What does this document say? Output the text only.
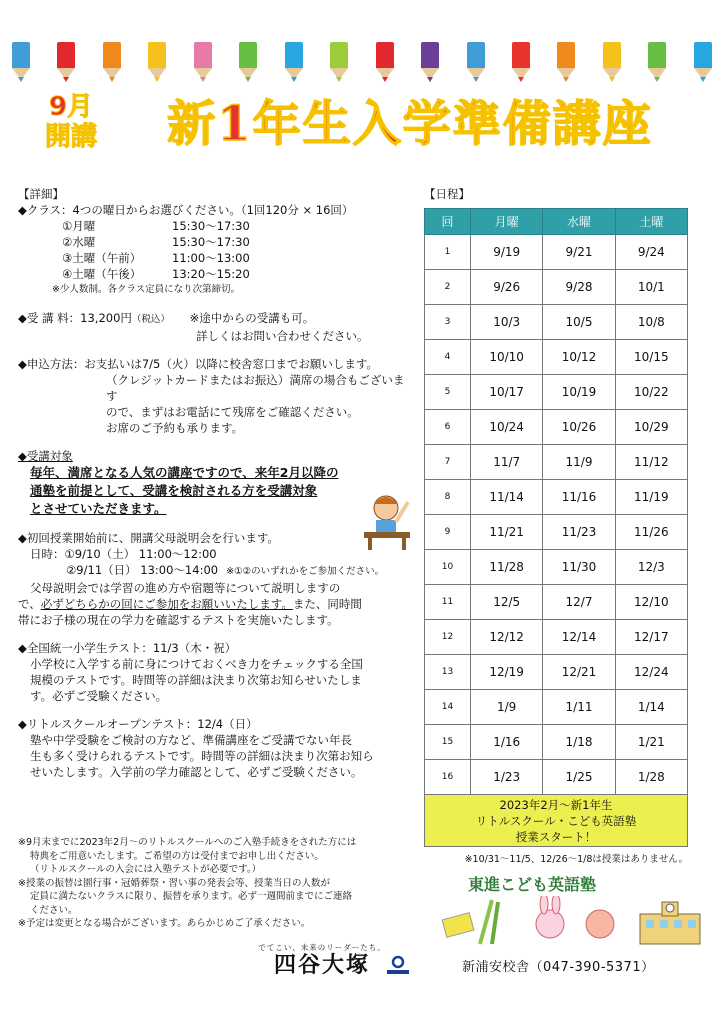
9月
開講	新1年生入学準備講座
【詳細】
◆クラス：4つの曜日からお選びください。（1回120分 × 16回）
①月曜	15:30～17:30
②水曜	15:30～17:30
③土曜（午前）	11:00～13:00
④土曜（午後）	13:20～15:20
※少人数制。各クラス定員になり次第締切。
◆受 講 料：13,200円（税込） ※途中からの受講も可。
詳しくはお問い合わせください。
◆申込方法：お支払いは7/5（火）以降に校舎窓口までお願いします。
（クレジットカードまたはお振込）満席の場合もございます
ので、まずはお電話にて残席をご確認ください。
お席のご予約も承ります。
◆受講対象
毎年、満席となる人気の講座ですので、来年2月以降の
通塾を前提として、受講を検討される方を受講対象
とさせていただきます。
◆初回授業開始前に、開講父母説明会を行います。
日時：①9/10（土） 11:00～12:00
②9/11（日） 13:00～14:00 ※①②のいずれかをご参加ください。
父母説明会では学習の進め方や宿題等について説明しますの
で、必ずどちらかの回にご参加をお願いいたします。また、同時間
帯にお子様の現在の学力を確認するテストを実施いたします。
◆全国統一小学生テスト：11/3（木・祝）
小学校に入学する前に身につけておくべき力をチェックする全国
規模のテストです。時間等の詳細は決まり次第お知らせいたしま
す。必ずご受験ください。
◆リトルスクールオープンテスト：12/4（日）
塾や中学受験をご検討の方など、準備講座をご受講でない年長
生も多く受けられるテストです。時間等の詳細は決まり次第お知ら
せいたします。入学前の学力確認として、必ずご受験ください。
※9月末までに2023年2月～のリトルスクールへのご入塾手続きをされた方には
特典をご用意いたします。ご希望の方は受付までお申し出ください。
（リトルスクールの入会には入塾テストが必要です。）
※授業の振替は園行事・冠婚葬祭・習い事の発表会等、授業当日の人数が
定員に満たないクラスに限り、振替を承ります。必ず一週間前までにご連絡
ください。
※予定は変更となる場合がございます。あらかじめご了承ください。
でてこい、未来のリーダーたち。
四谷大塚
【日程】
回	月曜	水曜	土曜
1	9/19	9/21	9/24
2	9/26	9/28	10/1
3	10/3	10/5	10/8
4	10/10	10/12	10/15
5	10/17	10/19	10/22
6	10/24	10/26	10/29
7	11/7	11/9	11/12
8	11/14	11/16	11/19
9	11/21	11/23	11/26
10	11/28	11/30	12/3
11	12/5	12/7	12/10
12	12/12	12/14	12/17
13	12/19	12/21	12/24
14	1/9	1/11	1/14
15	1/16	1/18	1/21
16	1/23	1/25	1/28
2023年2月～新1年生
リトルスクール・こども英語塾
授業スタート！
※10/31～11/5、12/26～1/8は授業はありません。
東進こども英語塾
新浦安校舎（047-390-5371）
